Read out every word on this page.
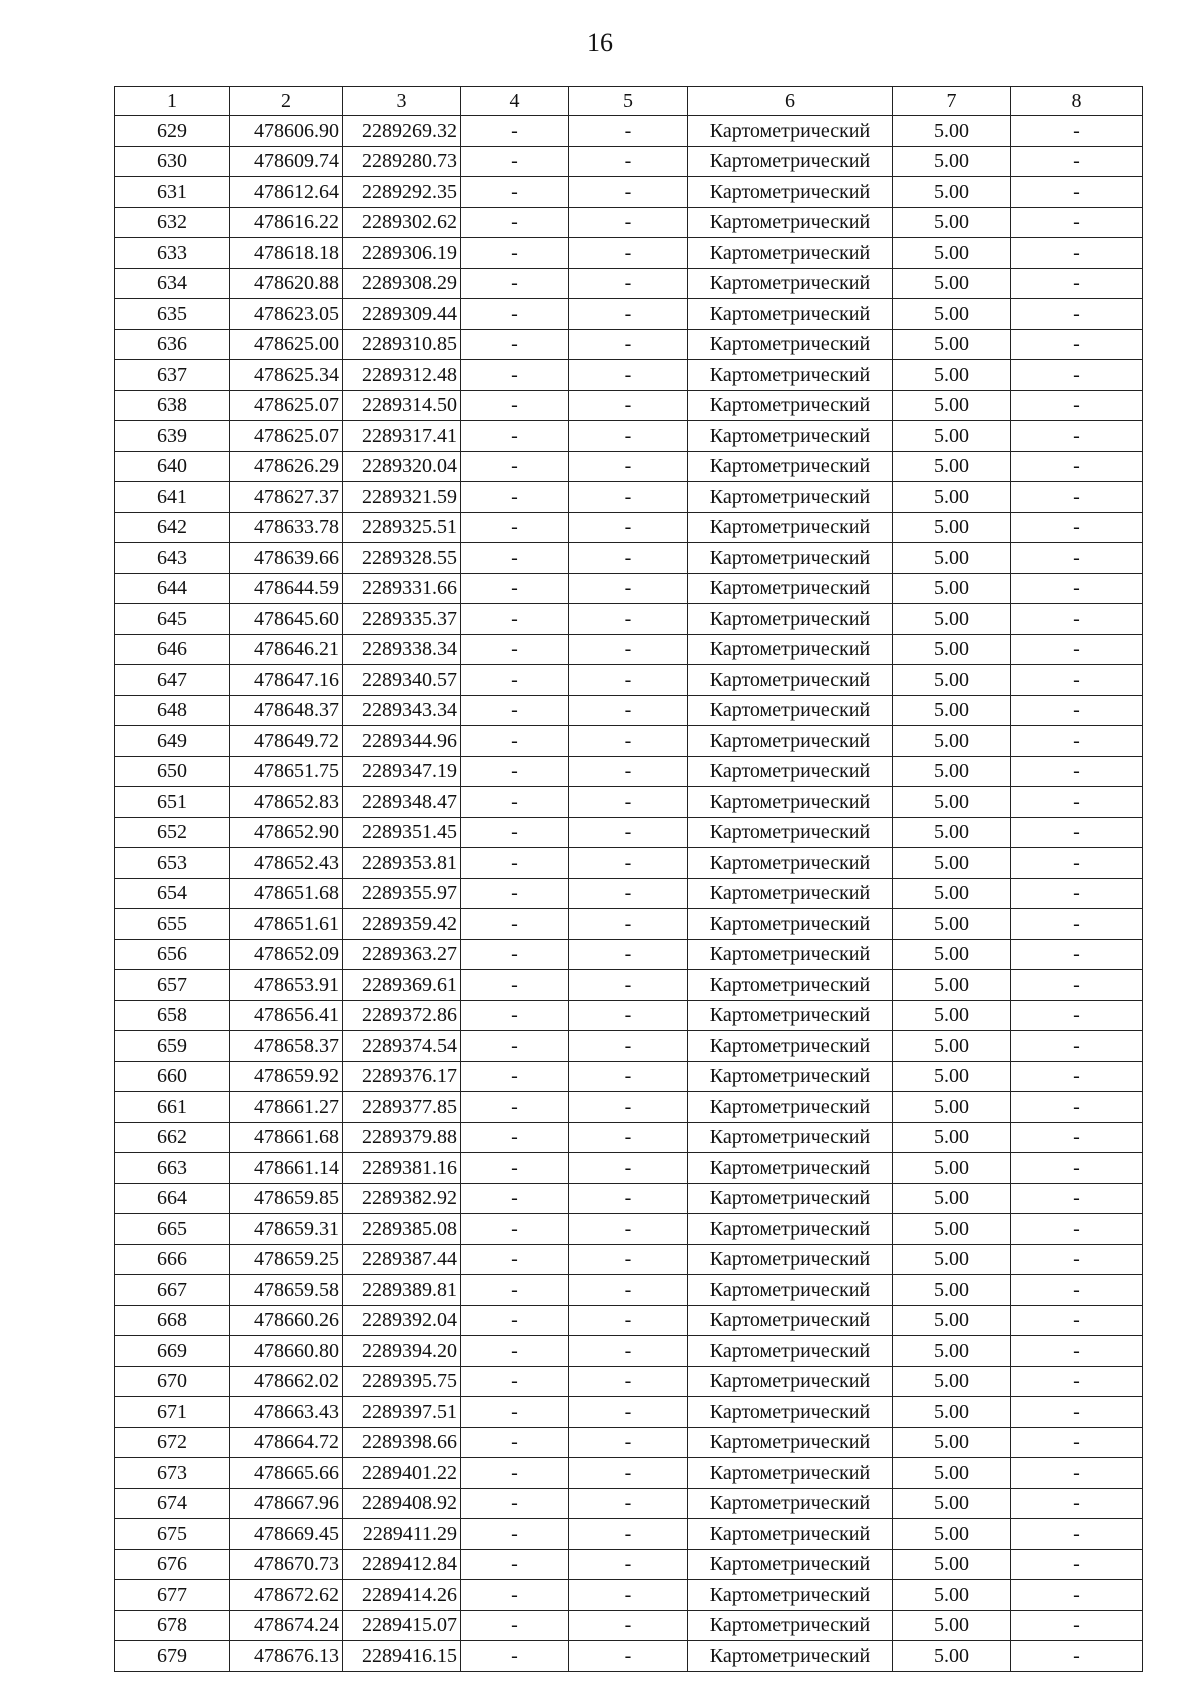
16
1	2	3	4	5	6	7	8
629	478606.90	2289269.32	-	-	Картометрический	5.00	-
630	478609.74	2289280.73	-	-	Картометрический	5.00	-
631	478612.64	2289292.35	-	-	Картометрический	5.00	-
632	478616.22	2289302.62	-	-	Картометрический	5.00	-
633	478618.18	2289306.19	-	-	Картометрический	5.00	-
634	478620.88	2289308.29	-	-	Картометрический	5.00	-
635	478623.05	2289309.44	-	-	Картометрический	5.00	-
636	478625.00	2289310.85	-	-	Картометрический	5.00	-
637	478625.34	2289312.48	-	-	Картометрический	5.00	-
638	478625.07	2289314.50	-	-	Картометрический	5.00	-
639	478625.07	2289317.41	-	-	Картометрический	5.00	-
640	478626.29	2289320.04	-	-	Картометрический	5.00	-
641	478627.37	2289321.59	-	-	Картометрический	5.00	-
642	478633.78	2289325.51	-	-	Картометрический	5.00	-
643	478639.66	2289328.55	-	-	Картометрический	5.00	-
644	478644.59	2289331.66	-	-	Картометрический	5.00	-
645	478645.60	2289335.37	-	-	Картометрический	5.00	-
646	478646.21	2289338.34	-	-	Картометрический	5.00	-
647	478647.16	2289340.57	-	-	Картометрический	5.00	-
648	478648.37	2289343.34	-	-	Картометрический	5.00	-
649	478649.72	2289344.96	-	-	Картометрический	5.00	-
650	478651.75	2289347.19	-	-	Картометрический	5.00	-
651	478652.83	2289348.47	-	-	Картометрический	5.00	-
652	478652.90	2289351.45	-	-	Картометрический	5.00	-
653	478652.43	2289353.81	-	-	Картометрический	5.00	-
654	478651.68	2289355.97	-	-	Картометрический	5.00	-
655	478651.61	2289359.42	-	-	Картометрический	5.00	-
656	478652.09	2289363.27	-	-	Картометрический	5.00	-
657	478653.91	2289369.61	-	-	Картометрический	5.00	-
658	478656.41	2289372.86	-	-	Картометрический	5.00	-
659	478658.37	2289374.54	-	-	Картометрический	5.00	-
660	478659.92	2289376.17	-	-	Картометрический	5.00	-
661	478661.27	2289377.85	-	-	Картометрический	5.00	-
662	478661.68	2289379.88	-	-	Картометрический	5.00	-
663	478661.14	2289381.16	-	-	Картометрический	5.00	-
664	478659.85	2289382.92	-	-	Картометрический	5.00	-
665	478659.31	2289385.08	-	-	Картометрический	5.00	-
666	478659.25	2289387.44	-	-	Картометрический	5.00	-
667	478659.58	2289389.81	-	-	Картометрический	5.00	-
668	478660.26	2289392.04	-	-	Картометрический	5.00	-
669	478660.80	2289394.20	-	-	Картометрический	5.00	-
670	478662.02	2289395.75	-	-	Картометрический	5.00	-
671	478663.43	2289397.51	-	-	Картометрический	5.00	-
672	478664.72	2289398.66	-	-	Картометрический	5.00	-
673	478665.66	2289401.22	-	-	Картометрический	5.00	-
674	478667.96	2289408.92	-	-	Картометрический	5.00	-
675	478669.45	2289411.29	-	-	Картометрический	5.00	-
676	478670.73	2289412.84	-	-	Картометрический	5.00	-
677	478672.62	2289414.26	-	-	Картометрический	5.00	-
678	478674.24	2289415.07	-	-	Картометрический	5.00	-
679	478676.13	2289416.15	-	-	Картометрический	5.00	-
